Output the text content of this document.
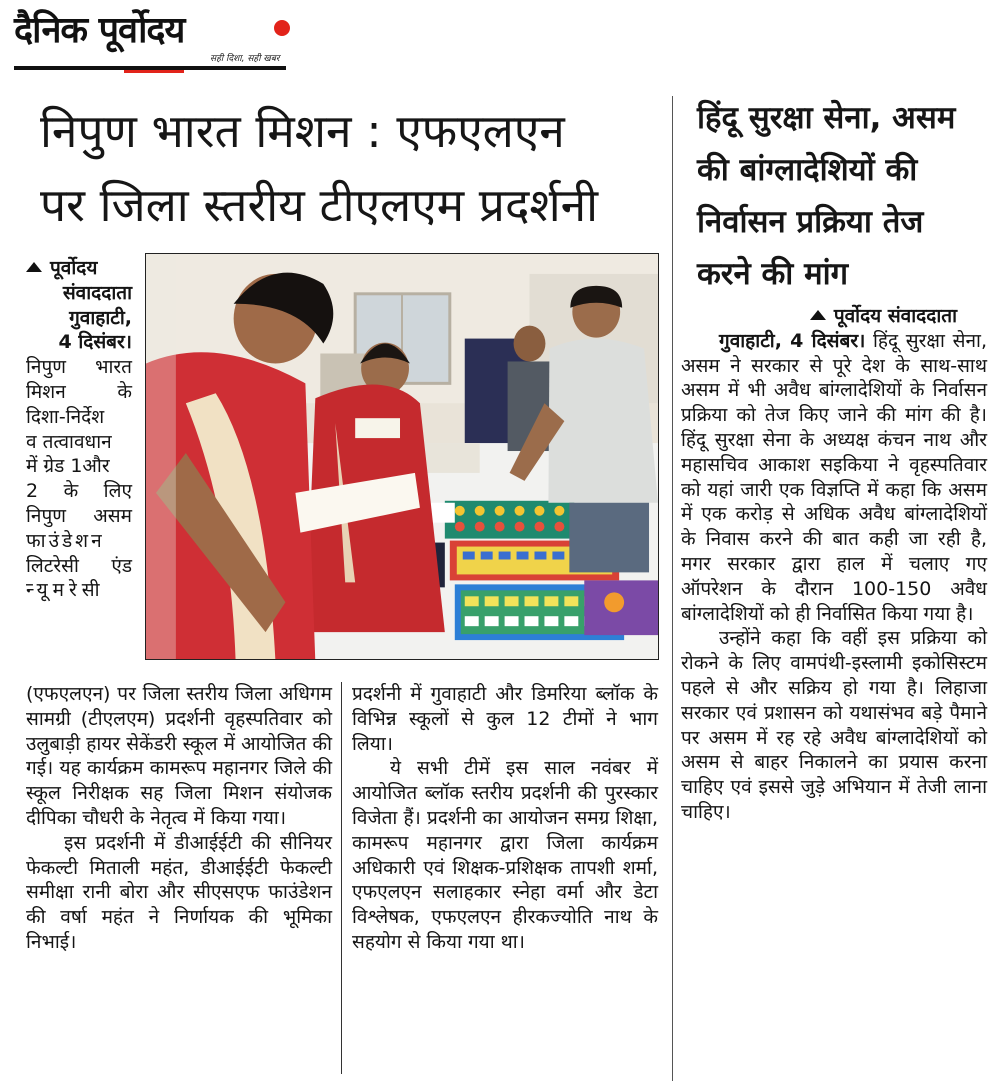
दैनिक पूर्वोदय
सही दिशा, सही खबर
निपुण भारत मिशन : एफएलएन
पर जिला स्तरीय टीएलएम प्रदर्शनी
पूर्वोदय
संवाददाता
गुवाहाटी,
4 दिसंबर।
निपुण भारत
मिशन के
दिशा-निर्देश
व तत्वावधान
में ग्रेड 1और
2 के लिए
निपुण असम
फाउंडेशन
लिटरेसी एंड
न्यूमरेसी

(एफएलएन) पर जिला स्तरीय जिला अधिगम सामग्री (टीएलएम) प्रदर्शनी वृहस्पतिवार को उलुबाड़ी हायर सेकेंडरी स्कूल में आयोजित की गई। यह कार्यक्रम कामरूप महानगर जिले की स्कूल निरीक्षक सह जिला मिशन संयोजक दीपिका चौधरी के नेतृत्व में किया गया।

इस प्रदर्शनी में डीआईईटी की सीनियर फेकल्टी मिताली महंत, डीआईईटी फेकल्टी समीक्षा रानी बोरा और सीएसएफ फाउंडेशन की वर्षा महंत ने निर्णायक की भूमिका निभाई।

प्रदर्शनी में गुवाहाटी और डिमरिया ब्लॉक के विभिन्न स्कूलों से कुल 12 टीमों ने भाग लिया।

ये सभी टीमें इस साल नवंबर में आयोजित ब्लॉक स्तरीय प्रदर्शनी की पुरस्कार विजेता हैं। प्रदर्शनी का आयोजन समग्र शिक्षा, कामरूप महानगर द्वारा जिला कार्यक्रम अधिकारी एवं शिक्षक-प्रशिक्षक तापशी शर्मा, एफएलएन सलाहकार स्नेहा वर्मा और डेटा विश्लेषक, एफएलएन हीरकज्योति नाथ के सहयोग से किया गया था।

हिंदू सुरक्षा सेना, असम
की बांग्लादेशियों की
निर्वासन प्रक्रिया तेज
करने की मांग
पूर्वोदय संवाददाता

गुवाहाटी, 4 दिसंबर। हिंदू सुरक्षा सेना, असम ने सरकार से पूरे देश के साथ-साथ असम में भी अवैध बांग्लादेशियों के निर्वासन प्रक्रिया को तेज किए जाने की मांग की है। हिंदू सुरक्षा सेना के अध्यक्ष कंचन नाथ और महासचिव आकाश सइकिया ने वृहस्पतिवार को यहां जारी एक विज्ञप्ति में कहा कि असम में एक करोड़ से अधिक अवैध बांग्लादेशियों के निवास करने की बात कही जा रही है, मगर सरकार द्वारा हाल में चलाए गए ऑपरेशन के दौरान 100-150 अवैध बांग्लादेशियों को ही निर्वासित किया गया है।

उन्होंने कहा कि वहीं इस प्रक्रिया को रोकने के लिए वामपंथी-इस्लामी इकोसिस्टम पहले से और सक्रिय हो गया है। लिहाजा सरकार एवं प्रशासन को यथासंभव बड़े पैमाने पर असम में रह रहे अवैध बांग्लादेशियों को असम से बाहर निकालने का प्रयास करना चाहिए एवं इससे जुड़े अभियान में तेजी लाना चाहिए।
